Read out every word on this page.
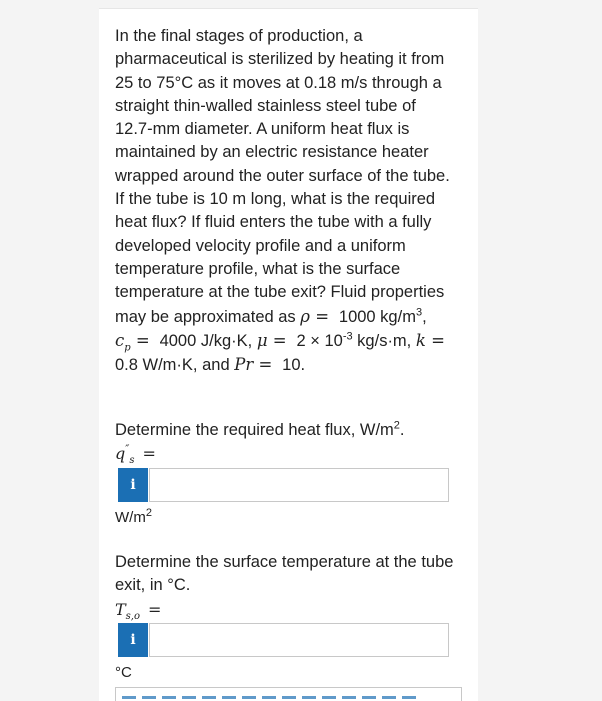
In the final stages of production, a
pharmaceutical is sterilized by heating it from
25 to 75°C as it moves at 0.18 m/s through a
straight thin-walled stainless steel tube of
12.7-mm diameter. A uniform heat flux is
maintained by an electric resistance heater
wrapped around the outer surface of the tube.
If the tube is 10 m long, what is the required
heat flux? If fluid enters the tube with a fully
developed velocity profile and a uniform
temperature profile, what is the surface
temperature at the tube exit? Fluid properties
may be approximated as ρ =  1000 $kg/m^3$,
$c_p = 4000$ J/kg·K, $\mu = 2 \times 10^{-3}$ kg/s·m, k =
0.8 W/m·K, and Pr =  10.
Determine the required heat flux, $W/m^2$.
$q''_s$ =
i
$W/m^2$
Determine the surface temperature at the tube
exit, in °C.
$T_{s,o}$ =
i
°C
